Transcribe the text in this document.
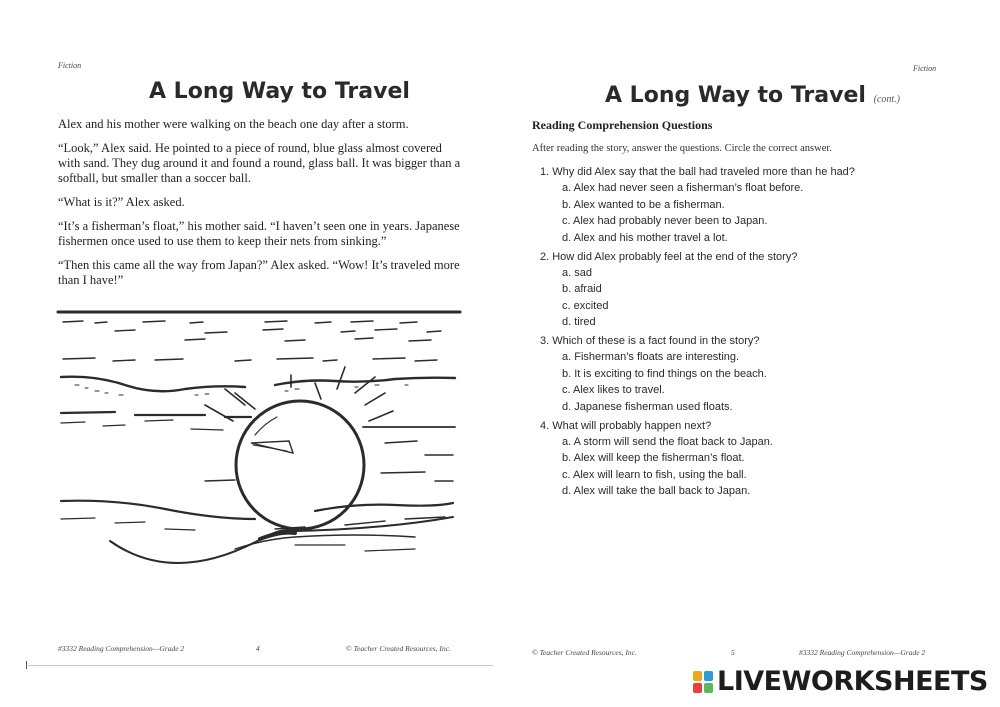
Fiction
A Long Way to Travel

Alex and his mother were walking on the beach one day after a storm.

“Look,” Alex said. He pointed to a piece of round, blue glass almost covered with sand. They dug around it and found a round, glass ball. It was bigger than a softball, but smaller than a soccer ball.

“What is it?” Alex asked.

“It’s a fisherman’s float,” his mother said. “I haven’t seen one in years. Japanese fishermen once used to use them to keep their nets from sinking.”

“Then this came all the way from Japan?” Alex asked. “Wow! It’s traveled more than I have!”

#3332 Reading Comprehension—Grade 2	4	© Teacher Created Resources, Inc.
Fiction
A Long Way to Travel (cont.)
Reading Comprehension Questions
After reading the story, answer the questions. Circle the correct answer.
1. Why did Alex say that the ball had traveled more than he had?
a. Alex had never seen a fisherman’s float before.
b. Alex wanted to be a fisherman.
c. Alex had probably never been to Japan.
d. Alex and his mother travel a lot.
2. How did Alex probably feel at the end of the story?
a. sad
b. afraid
c. excited
d. tired
3. Which of these is a fact found in the story?
a. Fisherman’s floats are interesting.
b. It is exciting to find things on the beach.
c. Alex likes to travel.
d. Japanese fisherman used floats.
4. What will probably happen next?
a. A storm will send the float back to Japan.
b. Alex will keep the fisherman’s float.
c. Alex will learn to fish, using the ball.
d. Alex will take the ball back to Japan.
© Teacher Created Resources, Inc.	5	#3332 Reading Comprehension—Grade 2
LIVEWORKSHEETS
